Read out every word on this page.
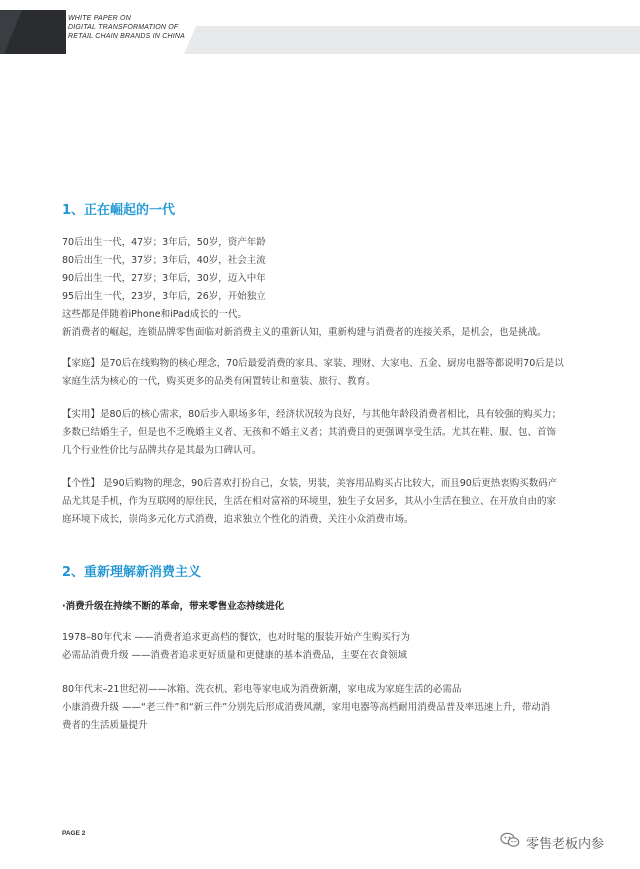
WHITE PAPER ON
DIGITAL TRANSFORMATION OF
RETAIL CHAIN BRANDS IN CHINA
1、正在崛起的一代
70后出生一代，47岁；3年后，50岁，资产年龄
80后出生一代，37岁；3年后，40岁，社会主流
90后出生一代，27岁；3年后，30岁，迈入中年
95后出生一代，23岁，3年后，26岁，开始独立
这些都是伴随着iPhone和iPad成长的一代。
新消费者的崛起，连锁品牌零售面临对新消费主义的重新认知，重新构建与消费者的连接关系，是机会，也是挑战。
【家庭】是70后在线购物的核心理念，70后最爱消费的家具、家装、理财、大家电、五金、厨房电器等都说明70后是以
家庭生活为核心的一代，购买更多的品类有闲置转让和童装、旅行、教育。
【实用】是80后的核心需求，80后步入职场多年，经济状况较为良好，与其他年龄段消费者相比，具有较强的购买力；
多数已结婚生子，但是也不乏晚婚主义者、无孩和不婚主义者；其消费目的更强调享受生活。尤其在鞋、服、包、首饰
几个行业性价比与品牌共存是其最为口碑认可。
【个性】 是90后购物的理念，90后喜欢打扮自己，女装，男装，美容用品购买占比较大，而且90后更热衷购买数码产
品尤其是手机，作为互联网的原住民，生活在相对富裕的环境里，独生子女居多，其从小生活在独立、在开放自由的家
庭环境下成长，崇尚多元化方式消费，追求独立个性化的消费，关注小众消费市场。
2、重新理解新消费主义
·消费升级在持续不断的革命，带来零售业态持续进化
1978–80年代末 ——消费者追求更高档的餐饮，也对时髦的服装开始产生购买行为
必需品消费升级 ——消费者追求更好质量和更健康的基本消费品，主要在衣食领域
80年代末–21世纪初——冰箱、洗衣机、彩电等家电成为消费新潮，家电成为家庭生活的必需品
小康消费升级 ——“老三件”和“新三件”分别先后形成消费风潮，家用电器等高档耐用消费品普及率迅速上升，带动消
费者的生活质量提升
PAGE 2
零售老板内参
